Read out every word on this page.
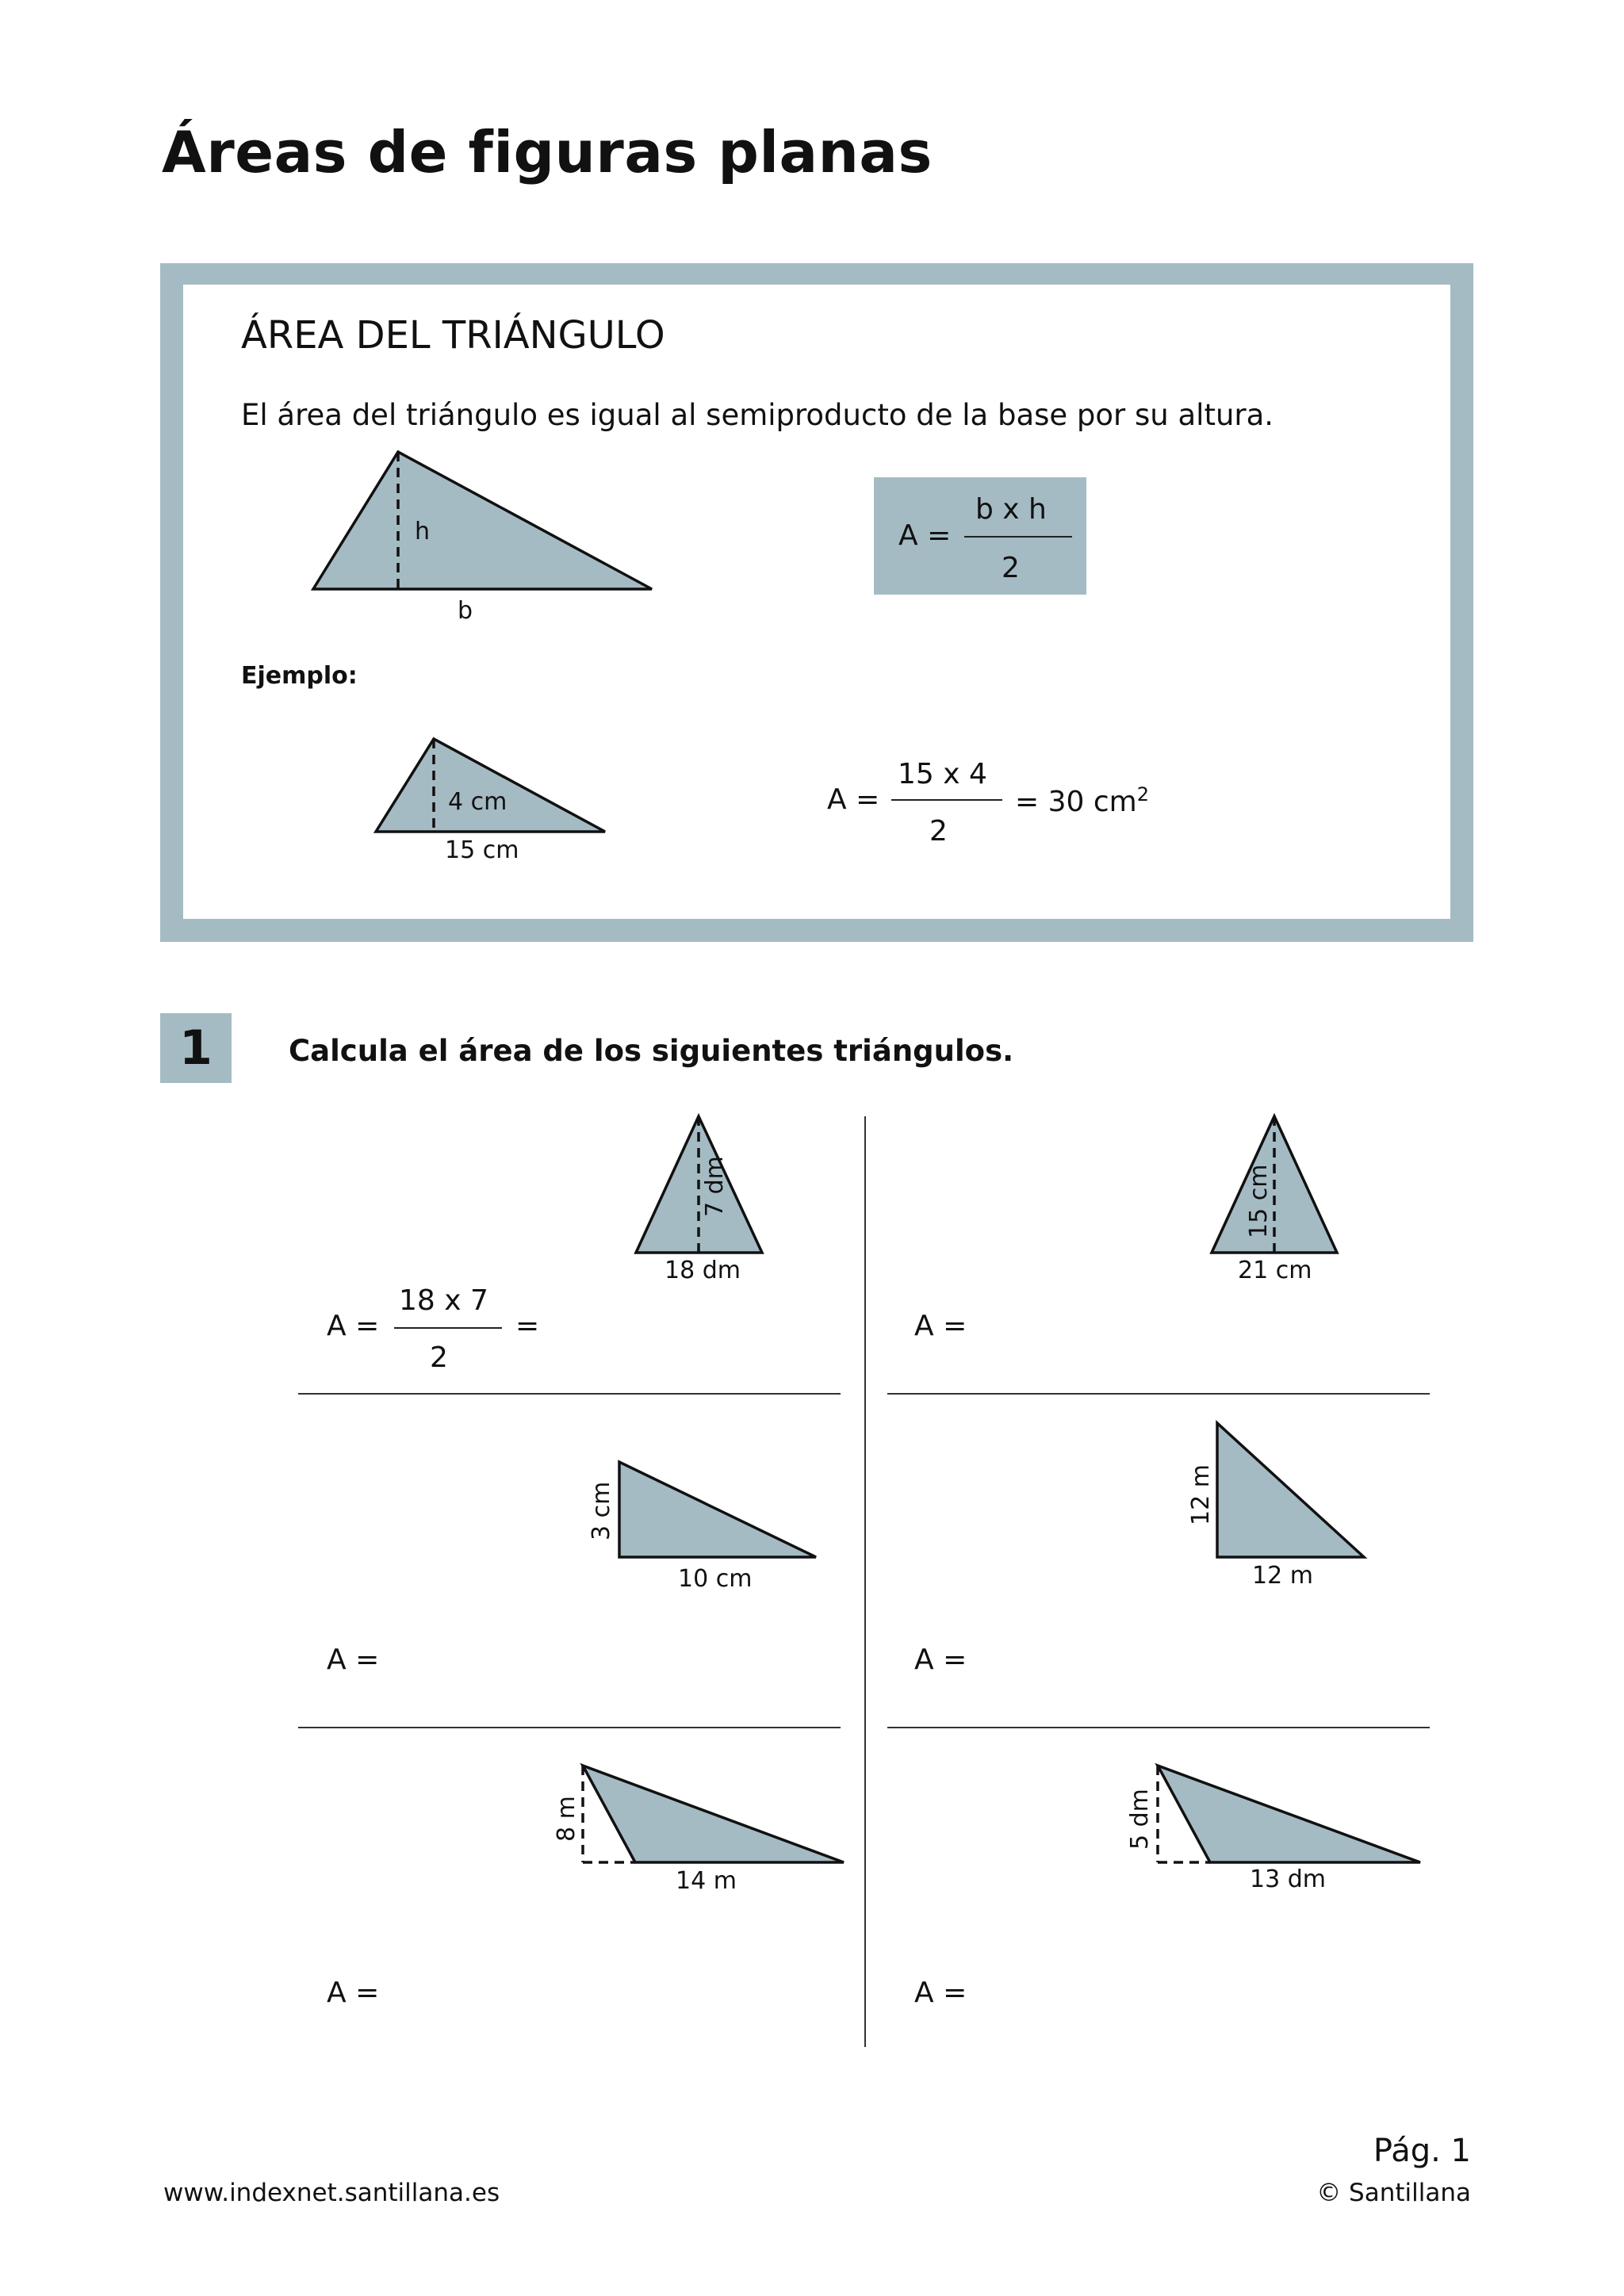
Áreas de figuras planas
ÁREA DEL TRIÁNGULO
El área del triángulo es igual al semiproducto de la base por su altura.
A =
b x h
2
Ejemplo:
A =
15 x 4
2
= 30 $cm^2$
1	Calcula el área de los siguientes triángulos.
h
b
4 cm
15 cm
18 dm
7 dm
A =
18 x 7
2
=
21 cm
15 cm
A =
10 cm
3 cm
A =
12 m
12 m
A =
14 m
8 m
A =
13 dm
5 dm
A =
Pág. 1
www.indexnet.santillana.es	© Santillana
